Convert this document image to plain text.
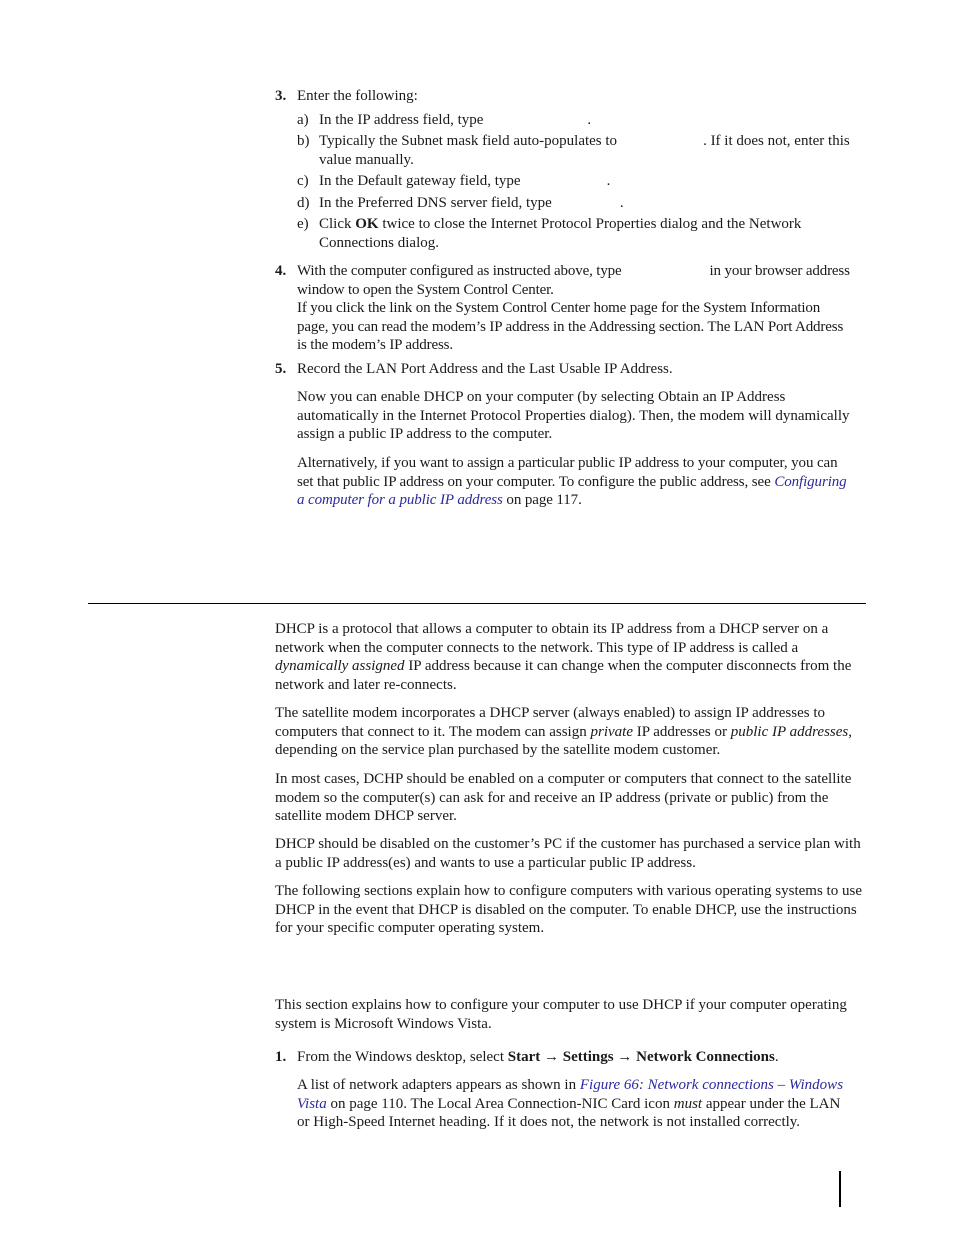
3. Enter the following:
a) In the IP address field, type	.
b) Typically the Subnet mask field auto-populates to	. If it does not, enter this
value manually.
c) In the Default gateway field, type	.
d) In the Preferred DNS server field, type	.
e) Click OK twice to close the Internet Protocol Properties dialog and the Network
Connections dialog.
4. With the computer configured as instructed above, type	in your browser address
window to open the System Control Center.
If you click the link on the System Control Center home page for the System Information
page, you can read the modem’s IP address in the Addressing section. The LAN Port Address
is the modem’s IP address.
5. Record the LAN Port Address and the Last Usable IP Address.
Now you can enable DHCP on your computer (by selecting Obtain an IP Address automatically in the Internet Protocol Properties dialog). Then, the modem will dynamically assign a public IP address to the computer.
Alternatively, if you want to assign a particular public IP address to your computer, you can
set that public IP address on your computer. To configure the public address, see Configuring
a computer for a public IP address on page 117.
DHCP is a protocol that allows a computer to obtain its IP address from a DHCP server on a
network when the computer connects to the network. This type of IP address is called a
dynamically assigned IP address because it can change when the computer disconnects from the
network and later re-connects.
The satellite modem incorporates a DHCP server (always enabled) to assign IP addresses to
computers that connect to it. The modem can assign private IP addresses or public IP addresses,
depending on the service plan purchased by the satellite modem customer.
In most cases, DCHP should be enabled on a computer or computers that connect to the satellite modem so the computer(s) can ask for and receive an IP address (private or public) from the satellite modem DHCP server.
DHCP should be disabled on the customer’s PC if the customer has purchased a service plan with a public IP address(es) and wants to use a particular public IP address.
The following sections explain how to configure computers with various operating systems to use DHCP in the event that DHCP is disabled on the computer. To enable DHCP, use the instructions for your specific computer operating system.
This section explains how to configure your computer to use DHCP if your computer operating system is Microsoft Windows Vista.
1. From the Windows desktop, select Start → Settings → Network Connections.
A list of network adapters appears as shown in Figure 66: Network connections – Windows
Vista on page 110. The Local Area Connection-NIC Card icon must appear under the LAN
or High-Speed Internet heading. If it does not, the network is not installed correctly.
